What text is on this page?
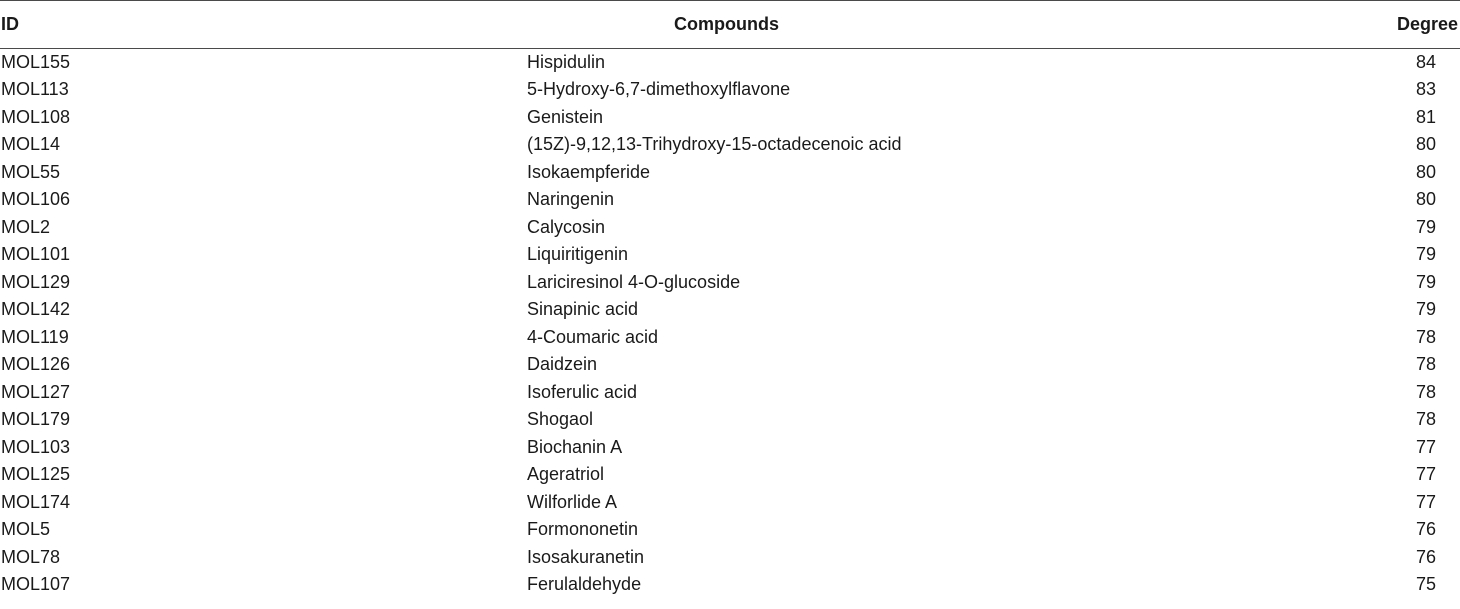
ID	Compounds	Degree
MOL155	Hispidulin	84
MOL113	5-Hydroxy-6,7-dimethoxylflavone	83
MOL108	Genistein	81
MOL14	(15Z)-9,12,13-Trihydroxy-15-octadecenoic acid	80
MOL55	Isokaempferide	80
MOL106	Naringenin	80
MOL2	Calycosin	79
MOL101	Liquiritigenin	79
MOL129	Lariciresinol 4-O-glucoside	79
MOL142	Sinapinic acid	79
MOL119	4-Coumaric acid	78
MOL126	Daidzein	78
MOL127	Isoferulic acid	78
MOL179	Shogaol	78
MOL103	Biochanin A	77
MOL125	Ageratriol	77
MOL174	Wilforlide A	77
MOL5	Formononetin	76
MOL78	Isosakuranetin	76
MOL107	Ferulaldehyde	75
